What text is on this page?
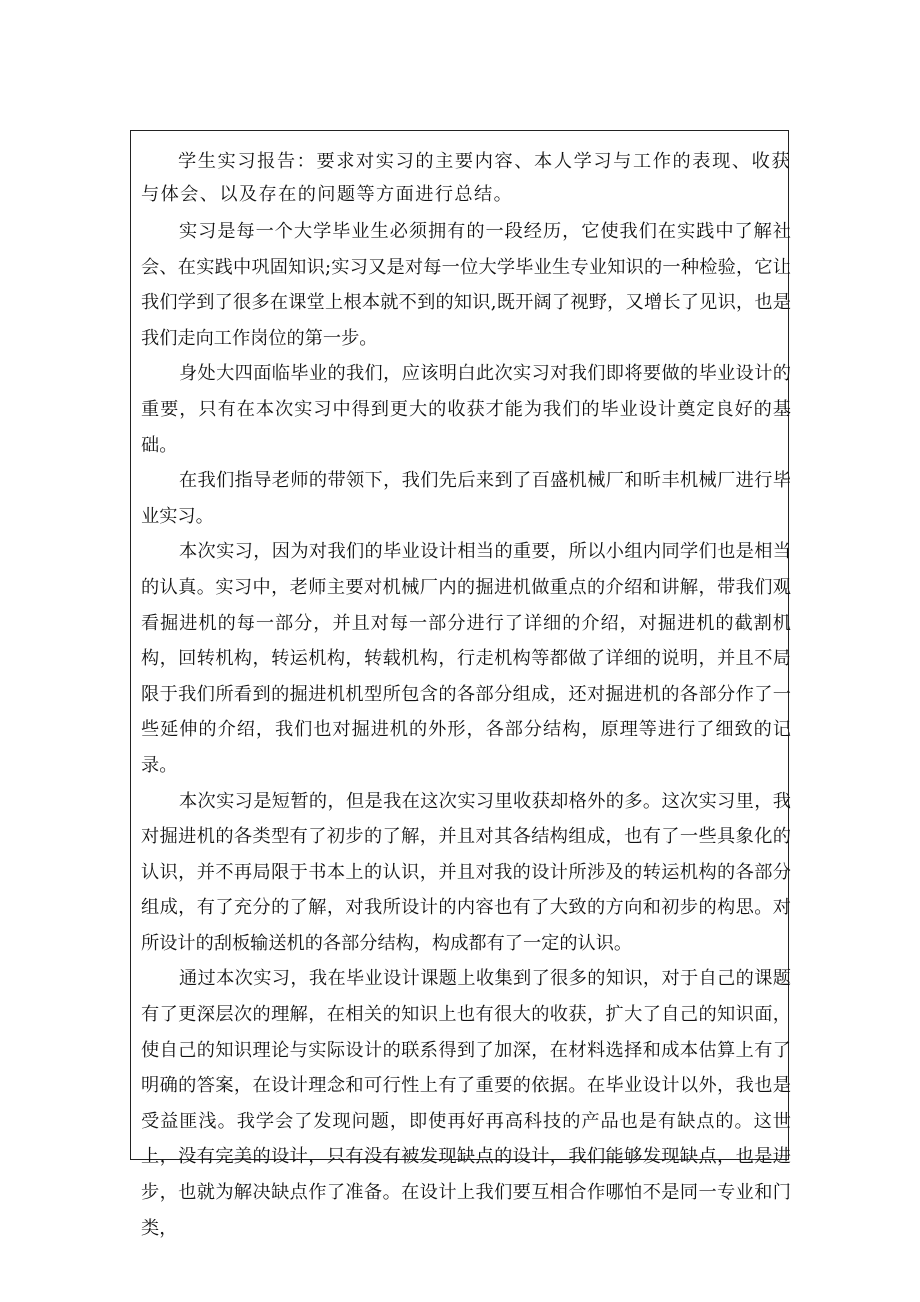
学生实习报告：要求对实习的主要内容、本人学习与工作的表现、收获与体会、以及存在的问题等方面进行总结。

实习是每一个大学毕业生必须拥有的一段经历，它使我们在实践中了解社会、在实践中巩固知识;实习又是对每一位大学毕业生专业知识的一种检验，它让我们学到了很多在课堂上根本就不到的知识,既开阔了视野，又增长了见识，也是我们走向工作岗位的第一步。

身处大四面临毕业的我们，应该明白此次实习对我们即将要做的毕业设计的重要，只有在本次实习中得到更大的收获才能为我们的毕业设计奠定良好的基础。

在我们指导老师的带领下，我们先后来到了百盛机械厂和昕丰机械厂进行毕业实习。

本次实习，因为对我们的毕业设计相当的重要，所以小组内同学们也是相当的认真。实习中，老师主要对机械厂内的掘进机做重点的介绍和讲解，带我们观看掘进机的每一部分，并且对每一部分进行了详细的介绍，对掘进机的截割机构，回转机构，转运机构，转载机构，行走机构等都做了详细的说明，并且不局限于我们所看到的掘进机机型所包含的各部分组成，还对掘进机的各部分作了一些延伸的介绍，我们也对掘进机的外形，各部分结构，原理等进行了细致的记录。

本次实习是短暂的，但是我在这次实习里收获却格外的多。这次实习里，我对掘进机的各类型有了初步的了解，并且对其各结构组成，也有了一些具象化的认识，并不再局限于书本上的认识，并且对我的设计所涉及的转运机构的各部分组成，有了充分的了解，对我所设计的内容也有了大致的方向和初步的构思。对所设计的刮板输送机的各部分结构，构成都有了一定的认识。

通过本次实习，我在毕业设计课题上收集到了很多的知识，对于自己的课题有了更深层次的理解，在相关的知识上也有很大的收获，扩大了自己的知识面，使自己的知识理论与实际设计的联系得到了加深，在材料选择和成本估算上有了明确的答案，在设计理念和可行性上有了重要的依据。在毕业设计以外，我也是受益匪浅。我学会了发现问题，即使再好再高科技的产品也是有缺点的。这世上，没有完美的设计，只有没有被发现缺点的设计，我们能够发现缺点，也是进步，也就为解决缺点作了准备。在设计上我们要互相合作哪怕不是同一专业和门类，
